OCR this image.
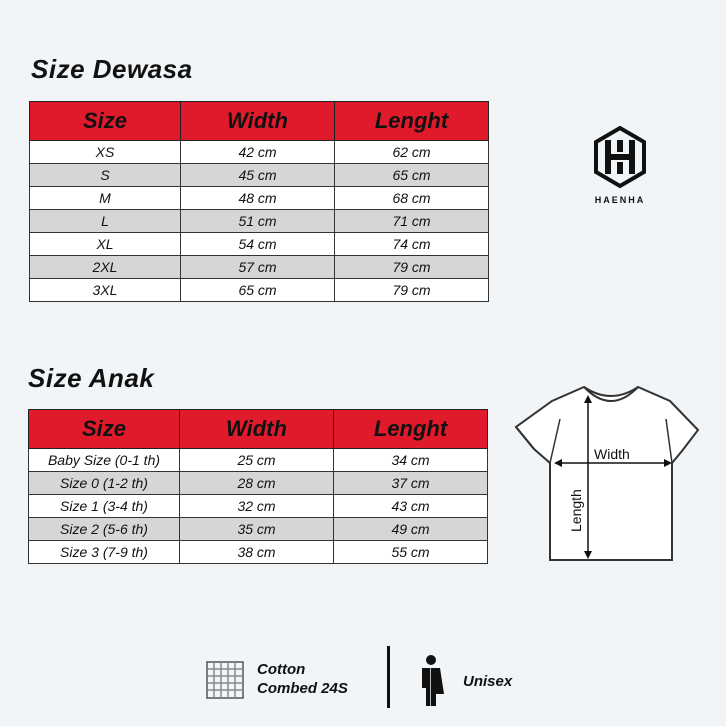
Size Dewasa
Size	Width	Lenght
XS	42 cm	62 cm
S	45 cm	65 cm
M	48 cm	68 cm
L	51 cm	71 cm
XL	54 cm	74 cm
2XL	57 cm	79 cm
3XL	65 cm	79 cm
HAENHA
Size Anak
Size	Width	Lenght
Baby Size (0-1 th)	25 cm	34 cm
Size 0 (1-2 th)	28 cm	37 cm
Size 1 (3-4 th)	32 cm	43 cm
Size 2 (5-6 th)	35 cm	49 cm
Size 3 (7-9 th)	38 cm	55 cm
Width
Length
Cotton
Combed 24S	Unisex
